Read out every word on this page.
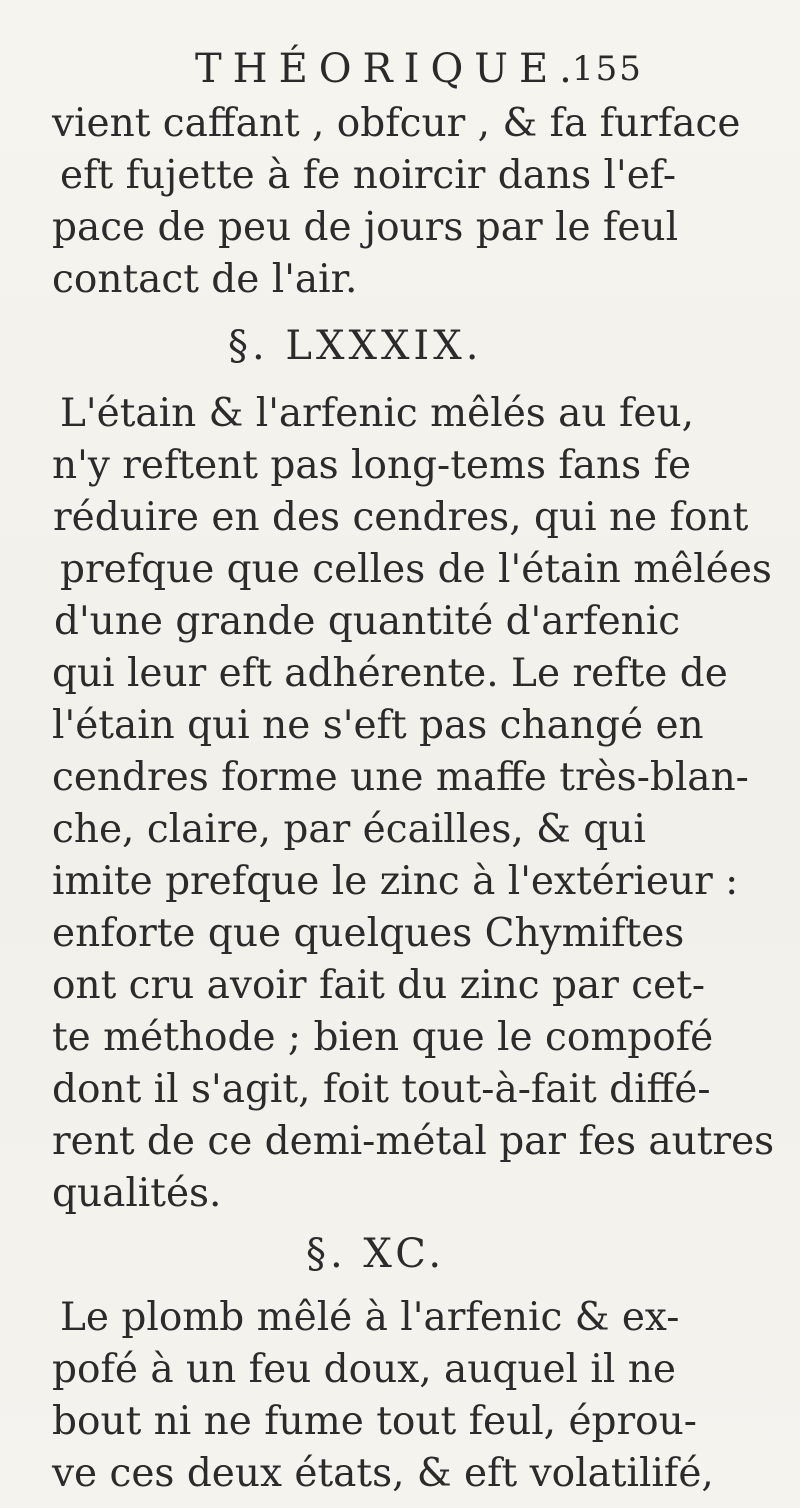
THÉORIQUE.
155
vient caffant , obfcur , & fa furface
eft fujette à fe noircir dans l'ef-
pace de peu de jours par le feul
contact de l'air.
§. LXXXIX.
L'étain & l'arfenic mêlés au feu,
n'y reftent pas long-tems fans fe
réduire en des cendres, qui ne font
prefque que celles de l'étain mêlées
d'une grande quantité d'arfenic
qui leur eft adhérente. Le refte de
l'étain qui ne s'eft pas changé en
cendres forme une maffe très-blan-
che, claire, par écailles, & qui
imite prefque le zinc à l'extérieur :
enforte que quelques Chymiftes
ont cru avoir fait du zinc par cet-
te méthode ; bien que le compofé
dont il s'agit, foit tout-à-fait diffé-
rent de ce demi-métal par fes autres
qualités.
§. XC.
Le plomb mêlé à l'arfenic & ex-
pofé à un feu doux, auquel il ne
bout ni ne fume tout feul, éprou-
ve ces deux états, & eft volatilifé,
